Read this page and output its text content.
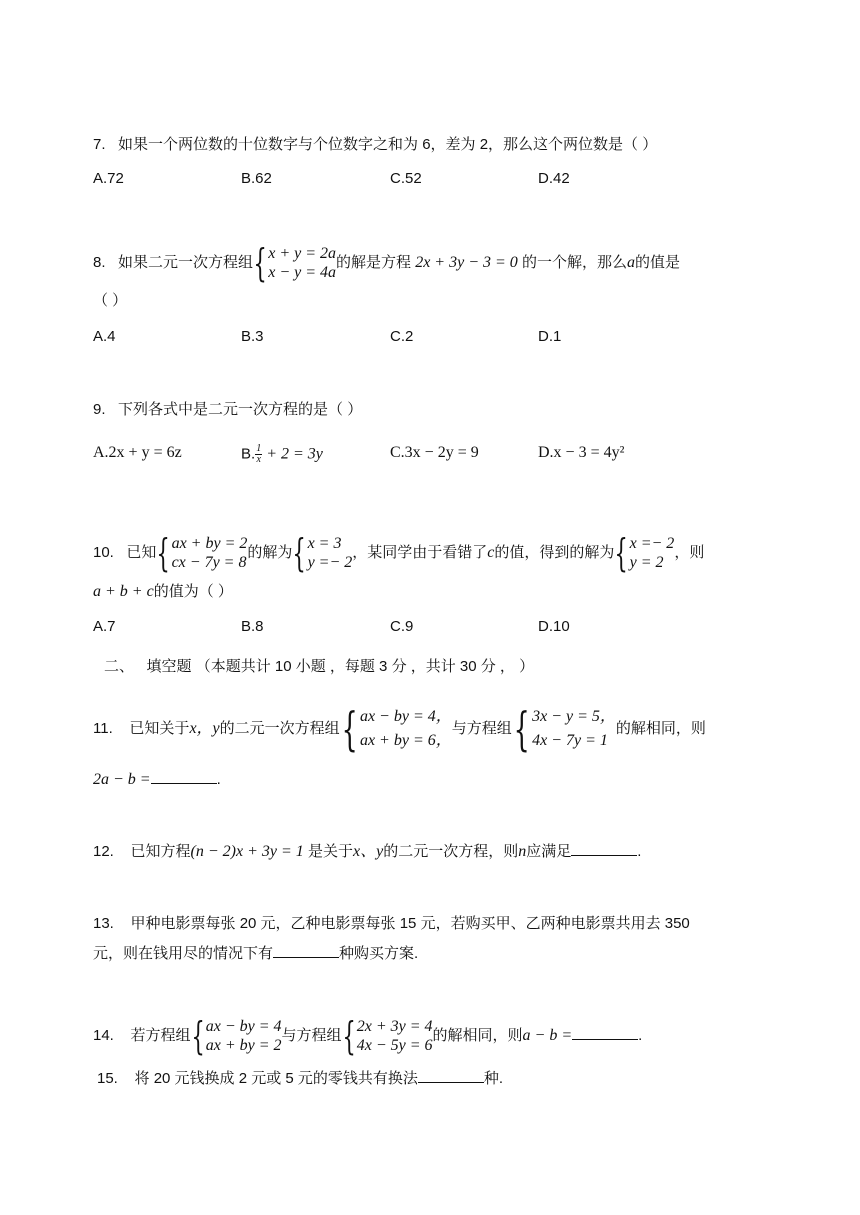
7. 如果一个两位数的十位数字与个位数字之和为 6，差为 2，那么这个两位数是（ ）
A.72	B.62	C.52	D.42
8. 如果二元一次方程组 { x + y = 2a
x − y = 4a
的解是方程 2x + 3y − 3 = 0 的一个解，那么a的值是
（ ）
A.4	B.3	C.2	D.1
9. 下列各式中是二元一次方程的是（ ）
A.2x + y = 6z	B. $\frac{1}{x} + 2 = 3y$	C.3x − 2y = 9	D.x − 3 = 4y²
10. 已知 { ax + by = 2
cx − 7y = 8
的解为 { x = 3
y =− 2
，某同学由于看错了c的值，得到的解为 { x =− 2
y = 2
，则
a + b + c的值为（ ）
A.7	B.8	C.9	D.10
二、 填空题 （本题共计 10 小题 ，每题 3 分 ，共计 30 分 ， ）
11. 已知关于x，y的二元一次方程组 { ax − by = 4，
ax + by = 6，
与方程组 { 3x − y = 5，
4x − 7y = 1
的解相同，则
2a − b =	.
12. 已知方程(n − 2)x + 3y = 1 是关于x、y的二元一次方程，则n应满足	.
13. 甲种电影票每张 20 元，乙种电影票每张 15 元，若购买甲、乙两种电影票共用去 350
元，则在钱用尽的情况下有	种购买方案.
14. 若方程组 { ax − by = 4
ax + by = 2
与方程组 { 2x + 3y = 4
4x − 5y = 6
的解相同，则a − b =	.
15. 将 20 元钱换成 2 元或 5 元的零钱共有换法	种.
